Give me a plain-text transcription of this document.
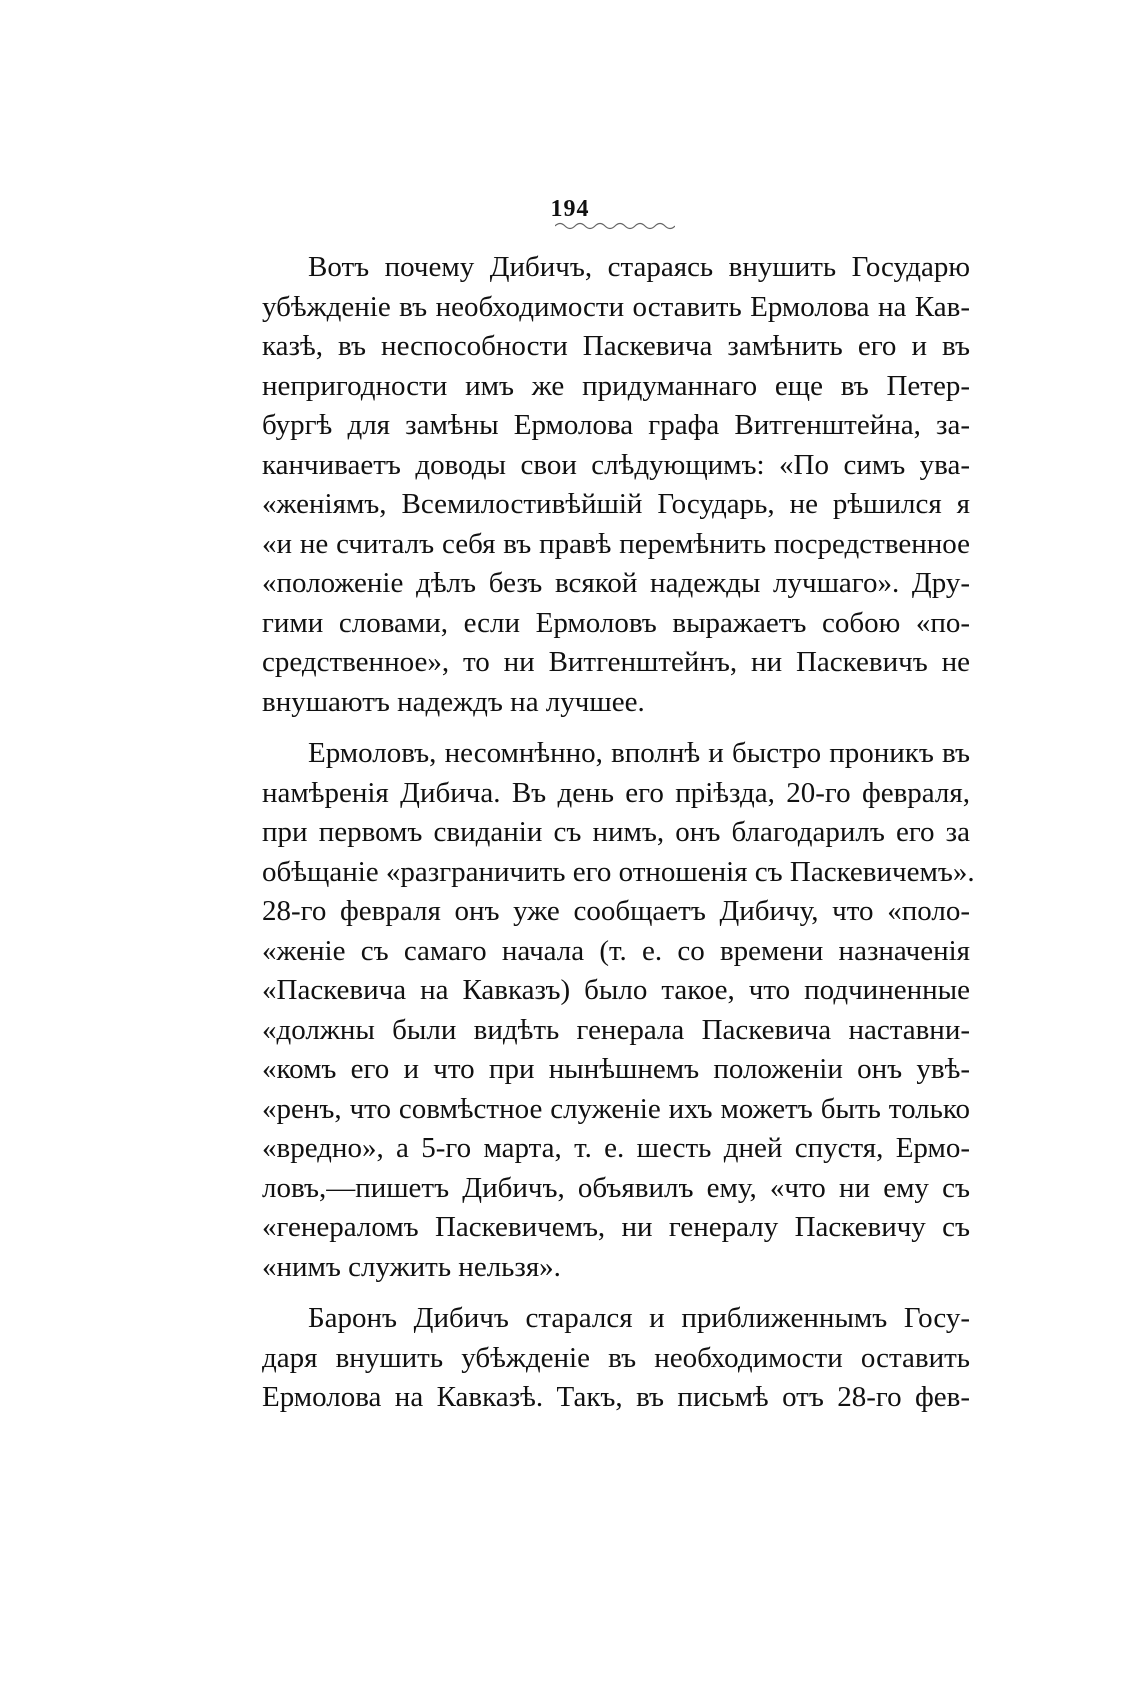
194
Вотъ почему Дибичъ, стараясь внушить Государю
убѣжденіе въ необходимости оставить Ермолова на Кав-
казѣ, въ неспособности Паскевича замѣнить его и въ
непригодности имъ же придуманнаго еще въ Петер-
бургѣ для замѣны Ермолова графа Витгенштейна, за-
канчиваетъ доводы свои слѣдующимъ: «По симъ ува-
«женіямъ, Всемилостивѣйшій Государь, не рѣшился я
«и не считалъ себя въ правѣ перемѣнить посредственное
«положеніе дѣлъ безъ всякой надежды лучшаго». Дру-
гими словами, если Ермоловъ выражаетъ собою «по-
средственное», то ни Витгенштейнъ, ни Паскевичъ не
внушаютъ надеждъ на лучшее.
Ермоловъ, несомнѣнно, вполнѣ и быстро проникъ въ
намѣренія Дибича. Въ день его пріѣзда, 20-го февраля,
при первомъ свиданіи съ нимъ, онъ благодарилъ его за
обѣщаніе «разграничить его отношенія съ Паскевичемъ».
28-го февраля онъ уже сообщаетъ Дибичу, что «поло-
«женіе съ самаго начала (т. е. со времени назначенія
«Паскевича на Кавказъ) было такое, что подчиненные
«должны были видѣть генерала Паскевича наставни-
«комъ его и что при нынѣшнемъ положеніи онъ увѣ-
«ренъ, что совмѣстное служеніе ихъ можетъ быть только
«вредно», а 5-го марта, т. е. шесть дней спустя, Ермо-
ловъ,—пишетъ Дибичъ, объявилъ ему, «что ни ему съ
«генераломъ Паскевичемъ, ни генералу Паскевичу съ
«нимъ служить нельзя».
Баронъ Дибичъ старался и приближеннымъ Госу-
даря внушить убѣжденіе въ необходимости оставить
Ермолова на Кавказѣ. Такъ, въ письмѣ отъ 28-го фев-
